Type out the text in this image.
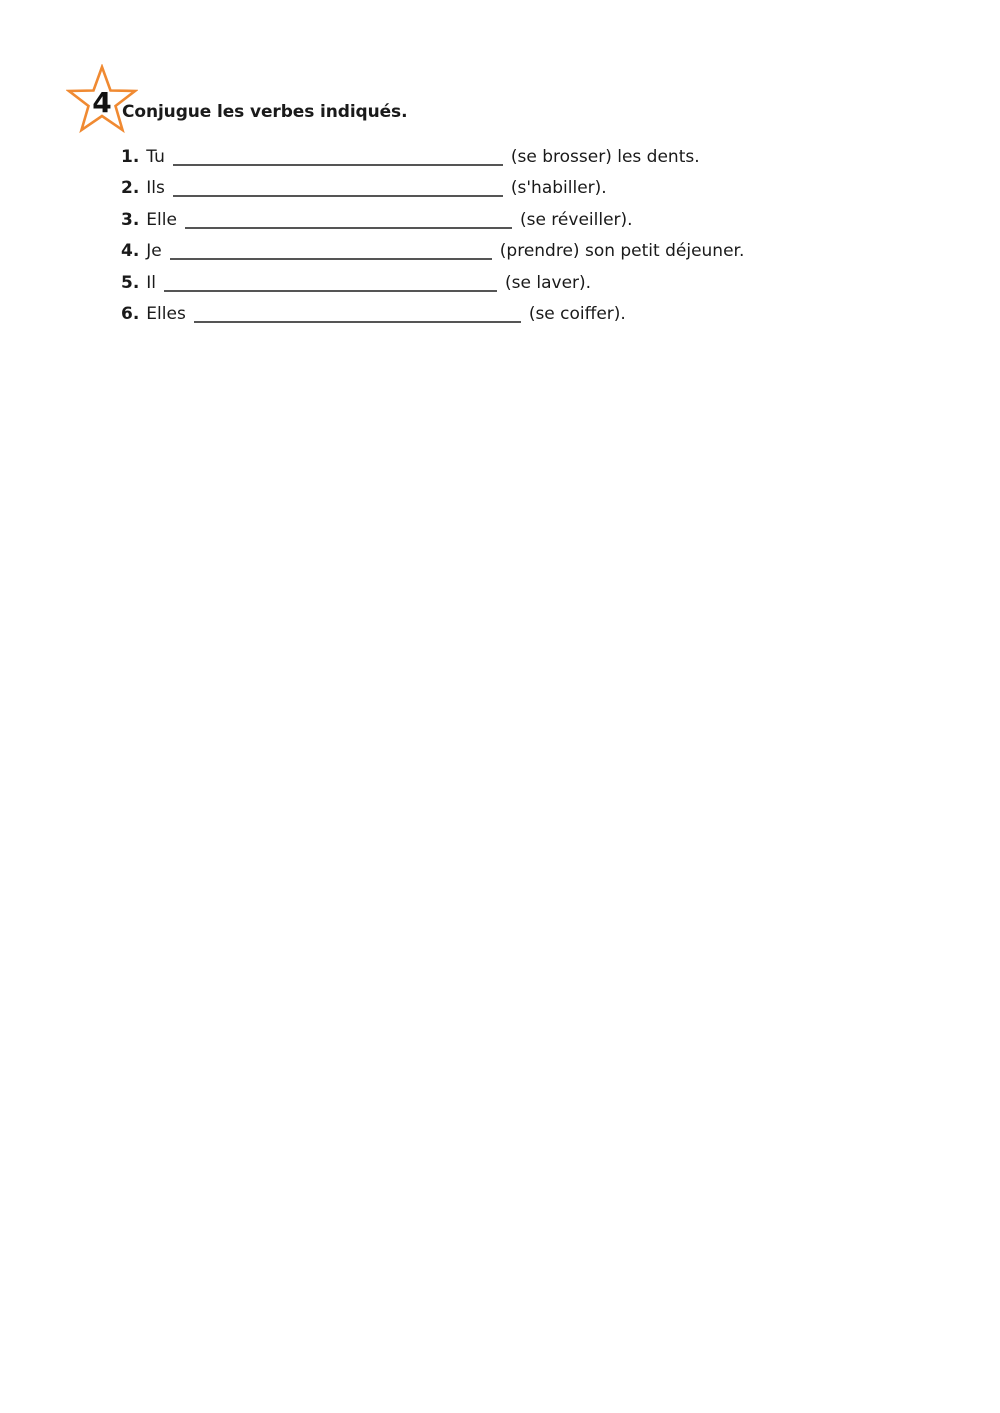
4 Conjugue les verbes indiqués.
1. Tu	(se brosser) les dents.
2. Ils	(s'habiller).
3. Elle	(se réveiller).
4. Je	(prendre) son petit déjeuner.
5. Il	(se laver).
6. Elles	(se coiffer).
